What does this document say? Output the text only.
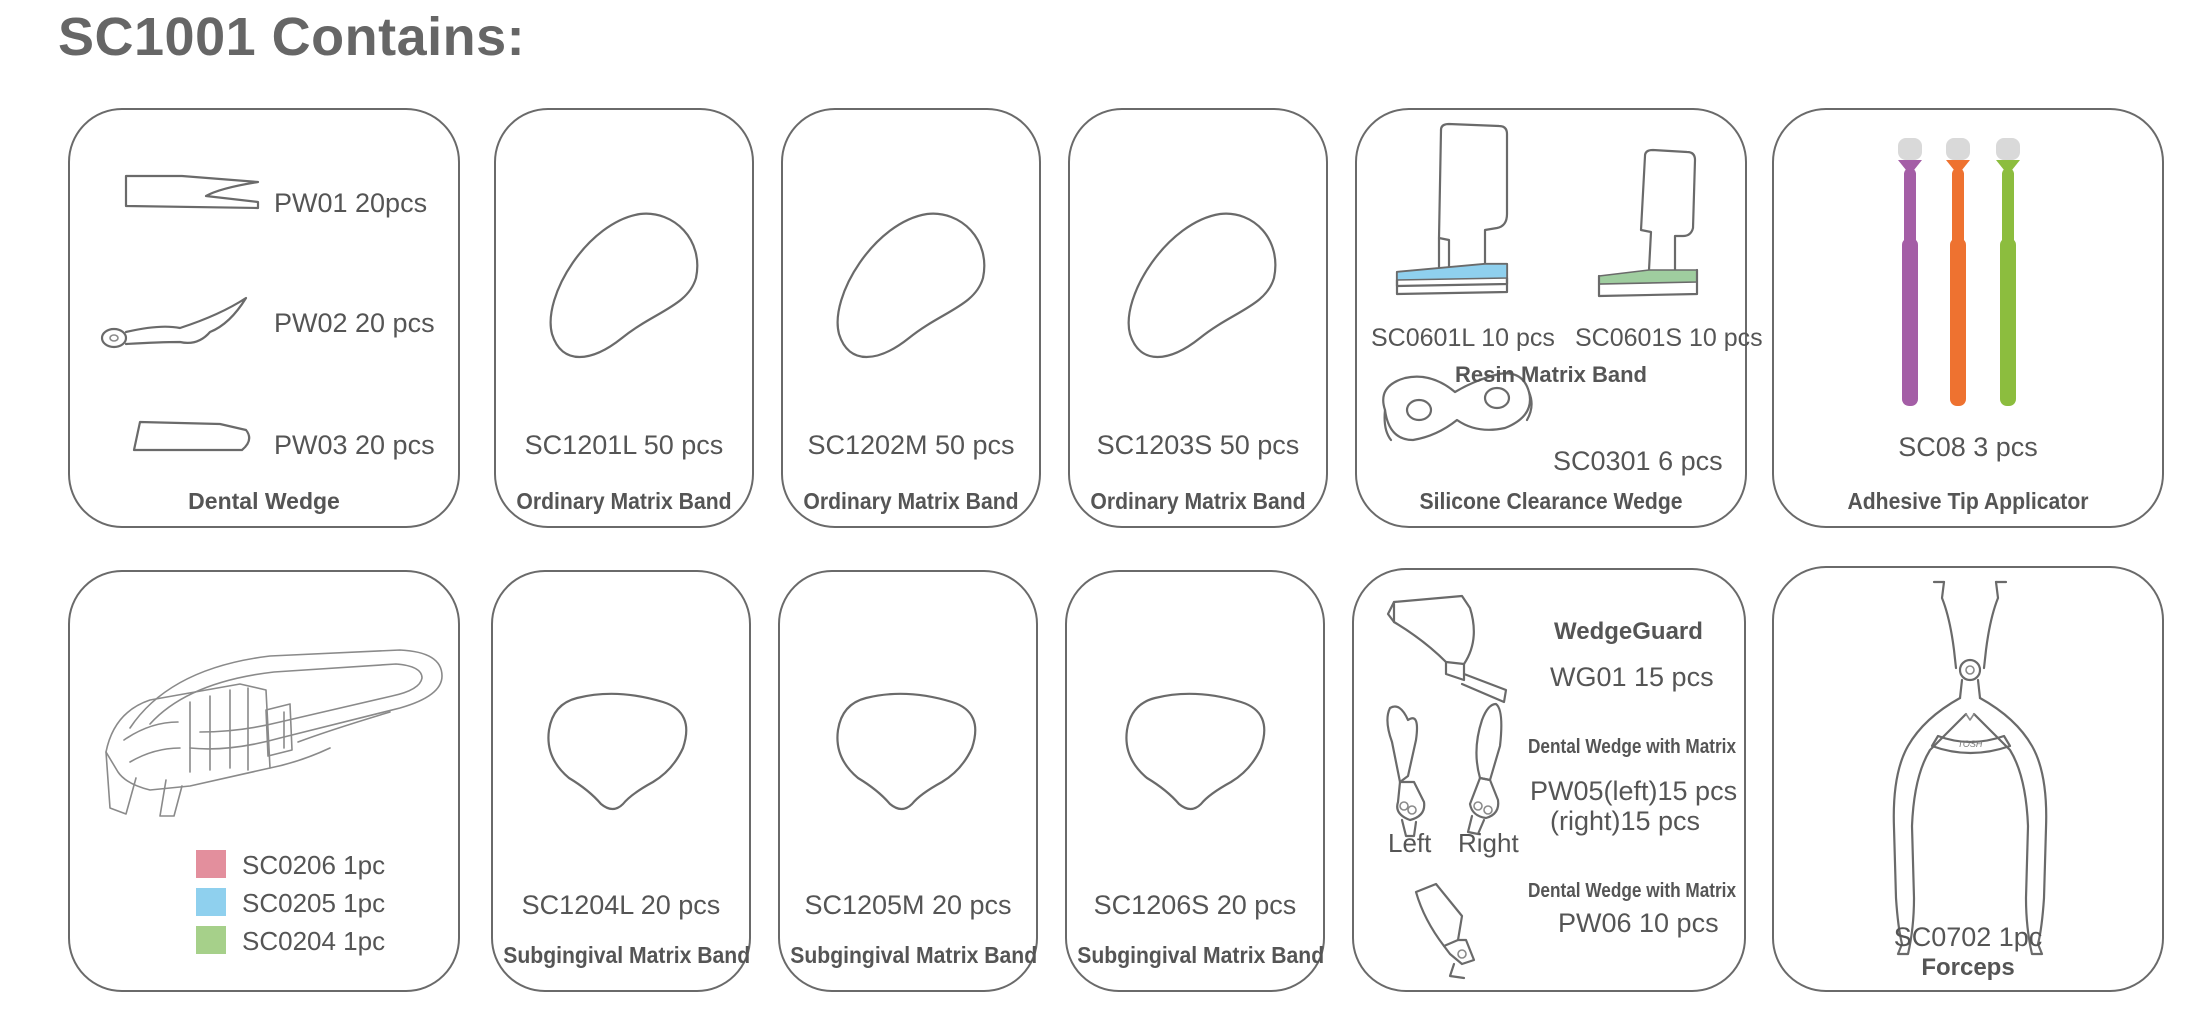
SC1001 Contains:
PW01 20pcs
PW02 20 pcs
PW03 20 pcs
Dental Wedge
SC1201L 50 pcs
Ordinary Matrix Band
SC1202M 50 pcs
Ordinary Matrix Band
SC1203S 50 pcs
Ordinary Matrix Band
SC0601L 10 pcs SC0601S 10 pcs
Resin Matrix Band
SC0301 6 pcs
Silicone Clearance Wedge
SC08 3 pcs
Adhesive Tip Applicator
SC0206 1pc
SC0205 1pc
SC0204 1pc
SC1204L 20 pcs
Subgingival Matrix Band
SC1205M 20 pcs
Subgingival Matrix Band
SC1206S 20 pcs
Subgingival Matrix Band
WedgeGuard
WG01 15 pcs
Dental Wedge with Matrix
PW05(left)15 pcs
(right)15 pcs
Left Right
Dental Wedge with Matrix
PW06 10 pcs
TOSH
SC0702 1pc
Forceps
